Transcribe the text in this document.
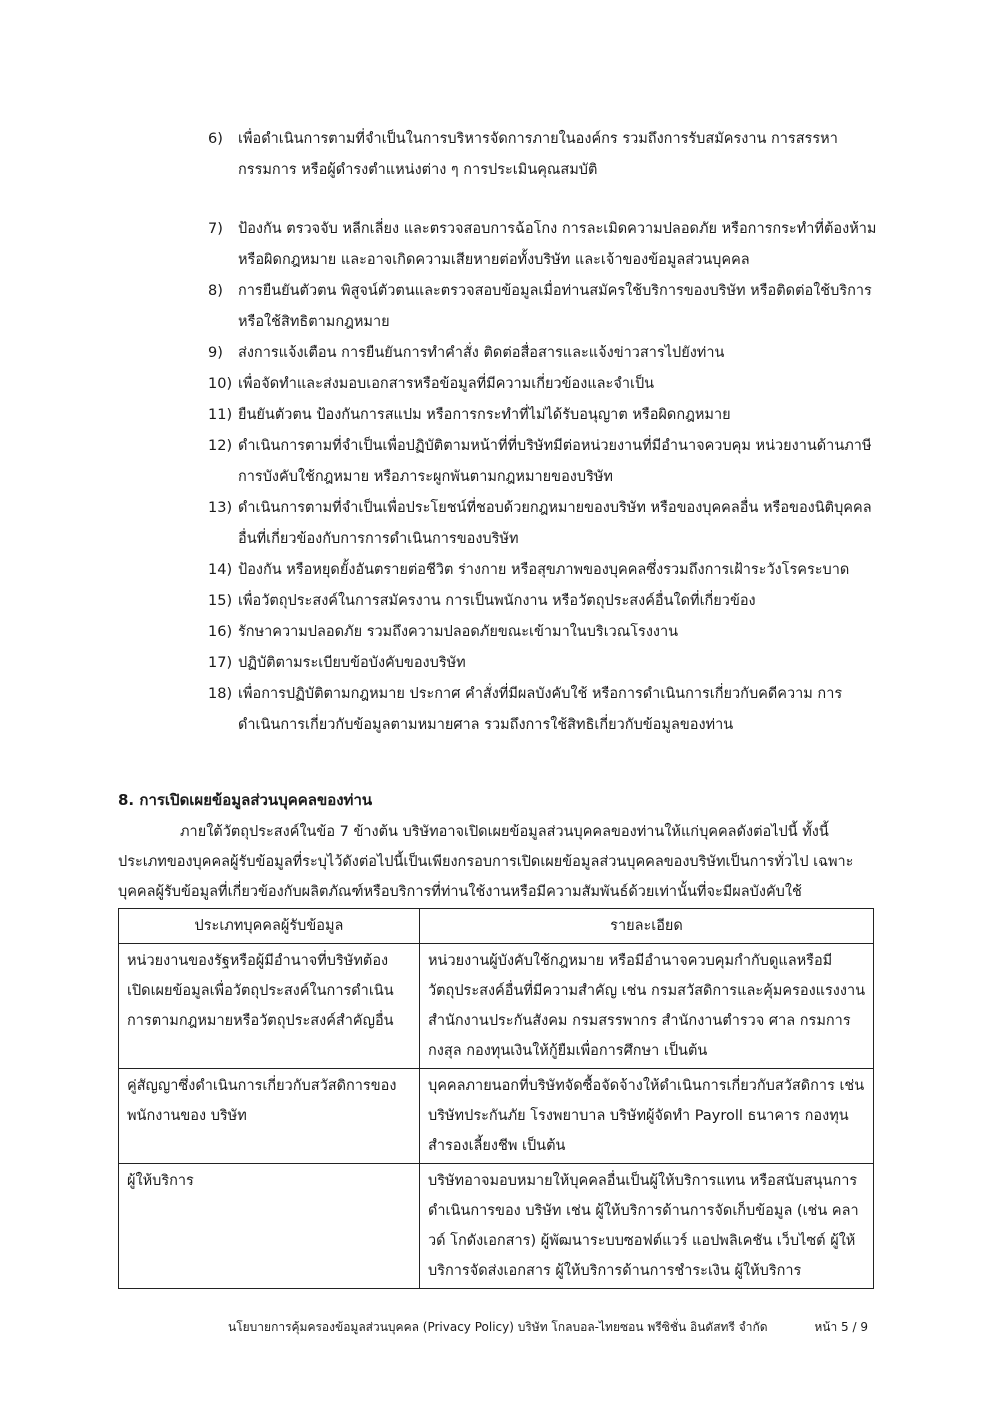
6)	เพื่อดำเนินการตามที่จำเป็นในการบริหารจัดการภายในองค์กร รวมถึงการรับสมัครงาน การสรรหากรรมการ หรือผู้ดำรงตำแหน่งต่าง ๆ การประเมินคุณสมบัติ
7)	ป้องกัน ตรวจจับ หลีกเลี่ยง และตรวจสอบการฉ้อโกง การละเมิดความปลอดภัย หรือการกระทำที่ต้องห้าม หรือผิดกฎหมาย และอาจเกิดความเสียหายต่อทั้งบริษัท และเจ้าของข้อมูลส่วนบุคคล
8)	การยืนยันตัวตน พิสูจน์ตัวตนและตรวจสอบข้อมูลเมื่อท่านสมัครใช้บริการของบริษัท หรือติดต่อใช้บริการหรือใช้สิทธิตามกฎหมาย
9)	ส่งการแจ้งเตือน การยืนยันการทำคำสั่ง ติดต่อสื่อสารและแจ้งข่าวสารไปยังท่าน
10) เพื่อจัดทำและส่งมอบเอกสารหรือข้อมูลที่มีความเกี่ยวข้องและจำเป็น
11) ยืนยันตัวตน ป้องกันการสแปม หรือการกระทำที่ไม่ได้รับอนุญาต หรือผิดกฎหมาย
12) ดำเนินการตามที่จำเป็นเพื่อปฏิบัติตามหน้าที่ที่บริษัทมีต่อหน่วยงานที่มีอำนาจควบคุม หน่วยงานด้านภาษี การบังคับใช้กฎหมาย หรือภาระผูกพันตามกฎหมายของบริษัท
13) ดำเนินการตามที่จำเป็นเพื่อประโยชน์ที่ชอบด้วยกฎหมายของบริษัท หรือของบุคคลอื่น หรือของนิติบุคคลอื่นที่เกี่ยวข้องกับการการดำเนินการของบริษัท
14) ป้องกัน หรือหยุดยั้งอันตรายต่อชีวิต ร่างกาย หรือสุขภาพของบุคคลซึ่งรวมถึงการเฝ้าระวังโรคระบาด
15) เพื่อวัตถุประสงค์ในการสมัครงาน การเป็นพนักงาน หรือวัตถุประสงค์อื่นใดที่เกี่ยวข้อง
16) รักษาความปลอดภัย รวมถึงความปลอดภัยขณะเข้ามาในบริเวณโรงงาน
17) ปฏิบัติตามระเบียบข้อบังคับของบริษัท
18) เพื่อการปฏิบัติตามกฎหมาย ประกาศ คำสั่งที่มีผลบังคับใช้ หรือการดำเนินการเกี่ยวกับคดีความ การดำเนินการเกี่ยวกับข้อมูลตามหมายศาล รวมถึงการใช้สิทธิเกี่ยวกับข้อมูลของท่าน
8. การเปิดเผยข้อมูลส่วนบุคคลของท่าน

ภายใต้วัตถุประสงค์ในข้อ 7 ข้างต้น บริษัทอาจเปิดเผยข้อมูลส่วนบุคคลของท่านให้แก่บุคคลดังต่อไปนี้ ทั้งนี้ ประเภทของบุคคลผู้รับข้อมูลที่ระบุไว้ดังต่อไปนี้เป็นเพียงกรอบการเปิดเผยข้อมูลส่วนบุคคลของบริษัทเป็นการทั่วไป เฉพาะบุคคลผู้รับข้อมูลที่เกี่ยวข้องกับผลิตภัณฑ์หรือบริการที่ท่านใช้งานหรือมีความสัมพันธ์ด้วยเท่านั้นที่จะมีผลบังคับใช้

ประเภทบุคคลผู้รับข้อมูล	รายละเอียด
หน่วยงานของรัฐหรือผู้มีอำนาจที่บริษัทต้องเปิดเผยข้อมูลเพื่อวัตถุประสงค์ในการดำเนินการตามกฎหมายหรือวัตถุประสงค์สำคัญอื่น	หน่วยงานผู้บังคับใช้กฎหมาย หรือมีอำนาจควบคุมกำกับดูแลหรือมีวัตถุประสงค์อื่นที่มีความสำคัญ เช่น กรมสวัสดิการและคุ้มครองแรงงาน สำนักงานประกันสังคม กรมสรรพากร สำนักงานตำรวจ ศาล กรมการกงสุล กองทุนเงินให้กู้ยืมเพื่อการศึกษา เป็นต้น
คู่สัญญาซึ่งดำเนินการเกี่ยวกับสวัสดิการของพนักงานของ บริษัท	บุคคลภายนอกที่บริษัทจัดซื้อจัดจ้างให้ดำเนินการเกี่ยวกับสวัสดิการ เช่น บริษัทประกันภัย โรงพยาบาล บริษัทผู้จัดทำ Payroll ธนาคาร กองทุนสำรองเลี้ยงชีพ เป็นต้น
ผู้ให้บริการ	บริษัทอาจมอบหมายให้บุคคลอื่นเป็นผู้ให้บริการแทน หรือสนับสนุนการดำเนินการของ บริษัท เช่น ผู้ให้บริการด้านการจัดเก็บข้อมูล (เช่น คลาวด์ โกดังเอกสาร) ผู้พัฒนาระบบซอฟต์แวร์ แอปพลิเคชัน เว็บไซต์ ผู้ให้บริการจัดส่งเอกสาร ผู้ให้บริการด้านการชำระเงิน ผู้ให้บริการ
นโยบายการคุ้มครองข้อมูลส่วนบุคคล (Privacy Policy) บริษัท โกลบอล-ไทยซอน พรีซิชั่น อินดัสทรี จำกัด	หน้า 5 / 9
